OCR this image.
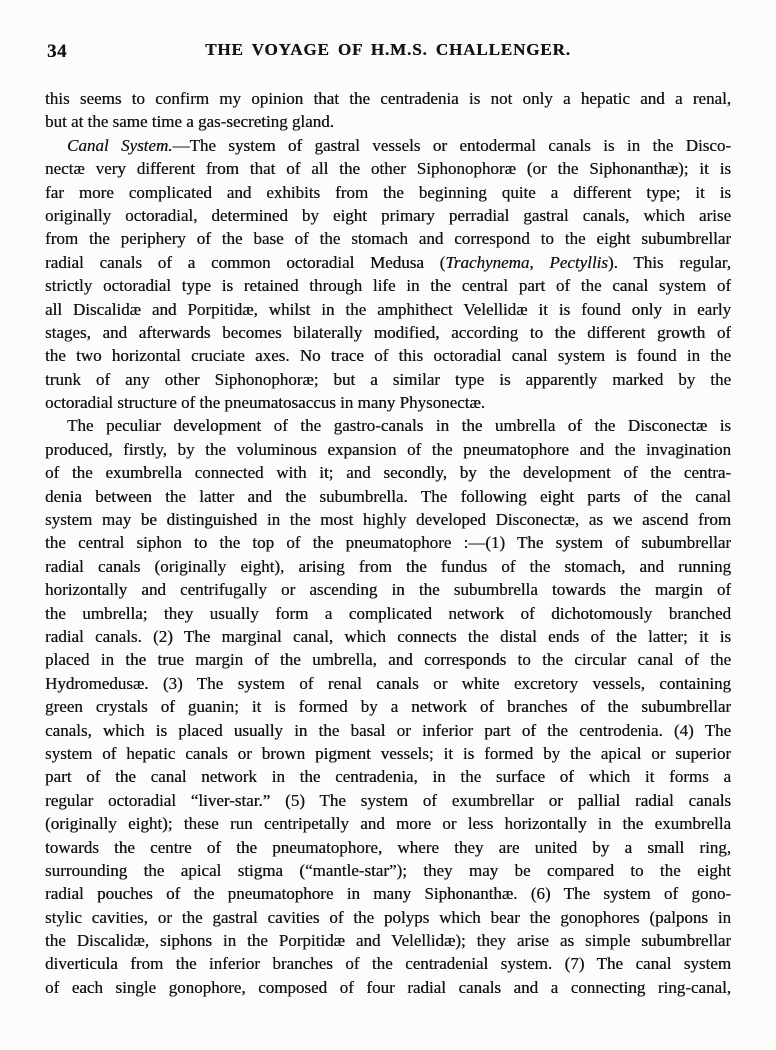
34	THE VOYAGE OF H.M.S. CHALLENGER.
this seems to confirm my opinion that the centradenia is not only a hepatic and a renal,
but at the same time a gas-secreting gland.
Canal System.—The system of gastral vessels or entodermal canals is in the Disco-
nectæ very different from that of all the other Siphonophoræ (or the Siphonanthæ); it is
far more complicated and exhibits from the beginning quite a different type; it is
originally octoradial, determined by eight primary perradial gastral canals, which arise
from the periphery of the base of the stomach and correspond to the eight subumbrellar
radial canals of a common octoradial Medusa (Trachynema, Pectyllis). This regular,
strictly octoradial type is retained through life in the central part of the canal system of
all Discalidæ and Porpitidæ, whilst in the amphithect Velellidæ it is found only in early
stages, and afterwards becomes bilaterally modified, according to the different growth of
the two horizontal cruciate axes. No trace of this octoradial canal system is found in the
trunk of any other Siphonophoræ; but a similar type is apparently marked by the
octoradial structure of the pneumatosaccus in many Physonectæ.
The peculiar development of the gastro-canals in the umbrella of the Disconectæ is
produced, firstly, by the voluminous expansion of the pneumatophore and the invagination
of the exumbrella connected with it; and secondly, by the development of the centra-
denia between the latter and the subumbrella. The following eight parts of the canal
system may be distinguished in the most highly developed Disconectæ, as we ascend from
the central siphon to the top of the pneumatophore :—(1) The system of subumbrellar
radial canals (originally eight), arising from the fundus of the stomach, and running
horizontally and centrifugally or ascending in the subumbrella towards the margin of
the umbrella; they usually form a complicated network of dichotomously branched
radial canals. (2) The marginal canal, which connects the distal ends of the latter; it is
placed in the true margin of the umbrella, and corresponds to the circular canal of the
Hydromedusæ. (3) The system of renal canals or white excretory vessels, containing
green crystals of guanin; it is formed by a network of branches of the subumbrellar
canals, which is placed usually in the basal or inferior part of the centrodenia. (4) The
system of hepatic canals or brown pigment vessels; it is formed by the apical or superior
part of the canal network in the centradenia, in the surface of which it forms a
regular octoradial “liver-star.” (5) The system of exumbrellar or pallial radial canals
(originally eight); these run centripetally and more or less horizontally in the exumbrella
towards the centre of the pneumatophore, where they are united by a small ring,
surrounding the apical stigma (“mantle-star”); they may be compared to the eight
radial pouches of the pneumatophore in many Siphonanthæ. (6) The system of gono-
stylic cavities, or the gastral cavities of the polyps which bear the gonophores (palpons in
the Discalidæ, siphons in the Porpitidæ and Velellidæ); they arise as simple subumbrellar
diverticula from the inferior branches of the centradenial system. (7) The canal system
of each single gonophore, composed of four radial canals and a connecting ring-canal,
